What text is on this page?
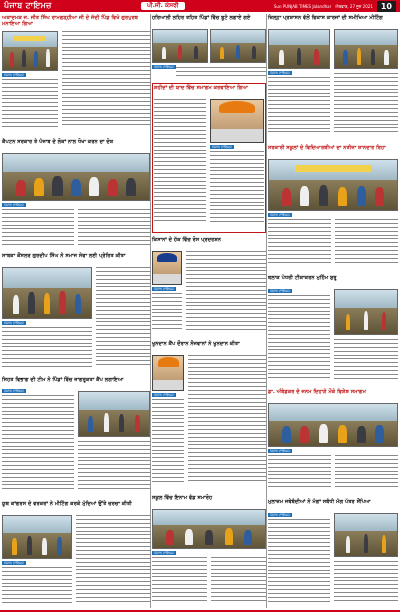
ਪੰਜਾਬ ਟਾਇਮਜ਼	ਪੀ.ਜੀ. ਕੇਸਰੀ	Sun PUNJAB TIMES Jalandhar ਐਤਵਾਰ, 27 ਜੂਨ 2021	10
ਅਕਾਦਮਕ ਜ. ਜੀਤ ਸਿੰਘ ਰਾਮਗੜ੍ਹੀਆ ਜੀ ਦੇ ਜੱਦੀ ਪਿੰਡ ਵਿਖੇ ਗੁਰਪੁਰਬ ਮਨਾਇਆ ਗਿਆ
ਪੰਜਾਬ ਟਾਇਮਜ਼
ਕੈਪਟਨ ਸਰਕਾਰ ਤੇ ਪੰਜਾਬ ਦੇ ਲੋਕਾਂ ਨਾਲ ਧੋਖਾ ਕਰਨ ਦਾ ਦੋਸ਼
ਪੰਜਾਬ ਟਾਇਮਜ਼
ਸਾਬਕਾ ਕੌਂਸਲਰ ਗੁਰਦੀਪ ਸਿੰਘ ਨੇ ਸਮਾਜ ਸੇਵਾ ਲਈ ਪ੍ਰੇਰਿਤ ਕੀਤਾ
ਪੰਜਾਬ ਟਾਇਮਜ਼
ਸਿਹਤ ਵਿਭਾਗ ਦੀ ਟੀਮ ਨੇ ਪਿੰਡਾਂ ਵਿੱਚ ਜਾਗਰੂਕਤਾ ਕੈਂਪ ਲਗਾਇਆ
ਪੰਜਾਬ ਟਾਇਮਜ਼
ਯੂਥ ਕਾਂਗਰਸ ਦੇ ਵਰਕਰਾਂ ਨੇ ਮੀਟਿੰਗ ਕਰਕੇ ਮੁੱਦਿਆਂ ਉੱਤੇ ਚਰਚਾ ਕੀਤੀ
ਪੰਜਾਬ ਟਾਇਮਜ਼
ਹਰਿਆਲੀ ਲਹਿਰ ਤਹਿਤ ਪਿੰਡਾਂ ਵਿੱਚ ਬੂਟੇ ਲਗਾਏ ਗਏ
ਪੰਜਾਬ ਟਾਇਮਜ਼
ਸ਼ਹੀਦਾਂ ਦੀ ਯਾਦ ਵਿੱਚ ਸਮਾਗਮ ਕਰਵਾਇਆ ਗਿਆ
ਪੰਜਾਬ ਟਾਇਮਜ਼
ਕਿਸਾਨਾਂ ਦੇ ਹੱਕ ਵਿੱਚ ਰੋਸ ਪ੍ਰਦਰਸ਼ਨ
ਪੰਜਾਬ ਟਾਇਮਜ਼
ਖੂਨਦਾਨ ਕੈਂਪ ਦੌਰਾਨ ਨੌਜਵਾਨਾਂ ਨੇ ਖੂਨਦਾਨ ਕੀਤਾ
ਪੰਜਾਬ ਟਾਇਮਜ਼
ਸਕੂਲ ਵਿੱਚ ਇਨਾਮ ਵੰਡ ਸਮਾਰੋਹ
ਪੰਜਾਬ ਟਾਇਮਜ਼
ਜ਼ਿਲ੍ਹਾ ਪ੍ਰਸ਼ਾਸਨ ਵੱਲੋਂ ਵਿਕਾਸ ਕਾਰਜਾਂ ਦੀ ਸਮੀਖਿਆ ਮੀਟਿੰਗ
ਪੰਜਾਬ ਟਾਇਮਜ਼
ਸਰਕਾਰੀ ਸਕੂਲਾਂ ਦੇ ਵਿਦਿਆਰਥੀਆਂ ਦਾ ਨਤੀਜਾ ਸ਼ਾਨਦਾਰ ਰਿਹਾ
ਪੰਜਾਬ ਟਾਇਮਜ਼
ਬਲਾਕ ਪੱਧਰੀ ਟੀਕਾਕਰਨ ਮੁਹਿੰਮ ਸ਼ੁਰੂ
ਪੰਜਾਬ ਟਾਇਮਜ਼
ਡਾ. ਅੰਬੇਡਕਰ ਦੇ ਜਨਮ ਦਿਹਾੜੇ ਮੌਕੇ ਵਿਸ਼ੇਸ਼ ਸਮਾਗਮ
ਪੰਜਾਬ ਟਾਇਮਜ਼
ਮੁਲਾਜ਼ਮ ਜਥੇਬੰਦੀਆਂ ਨੇ ਮੰਗਾਂ ਸਬੰਧੀ ਮੰਗ ਪੱਤਰ ਸੌਂਪਿਆ
ਪੰਜਾਬ ਟਾਇਮਜ਼
